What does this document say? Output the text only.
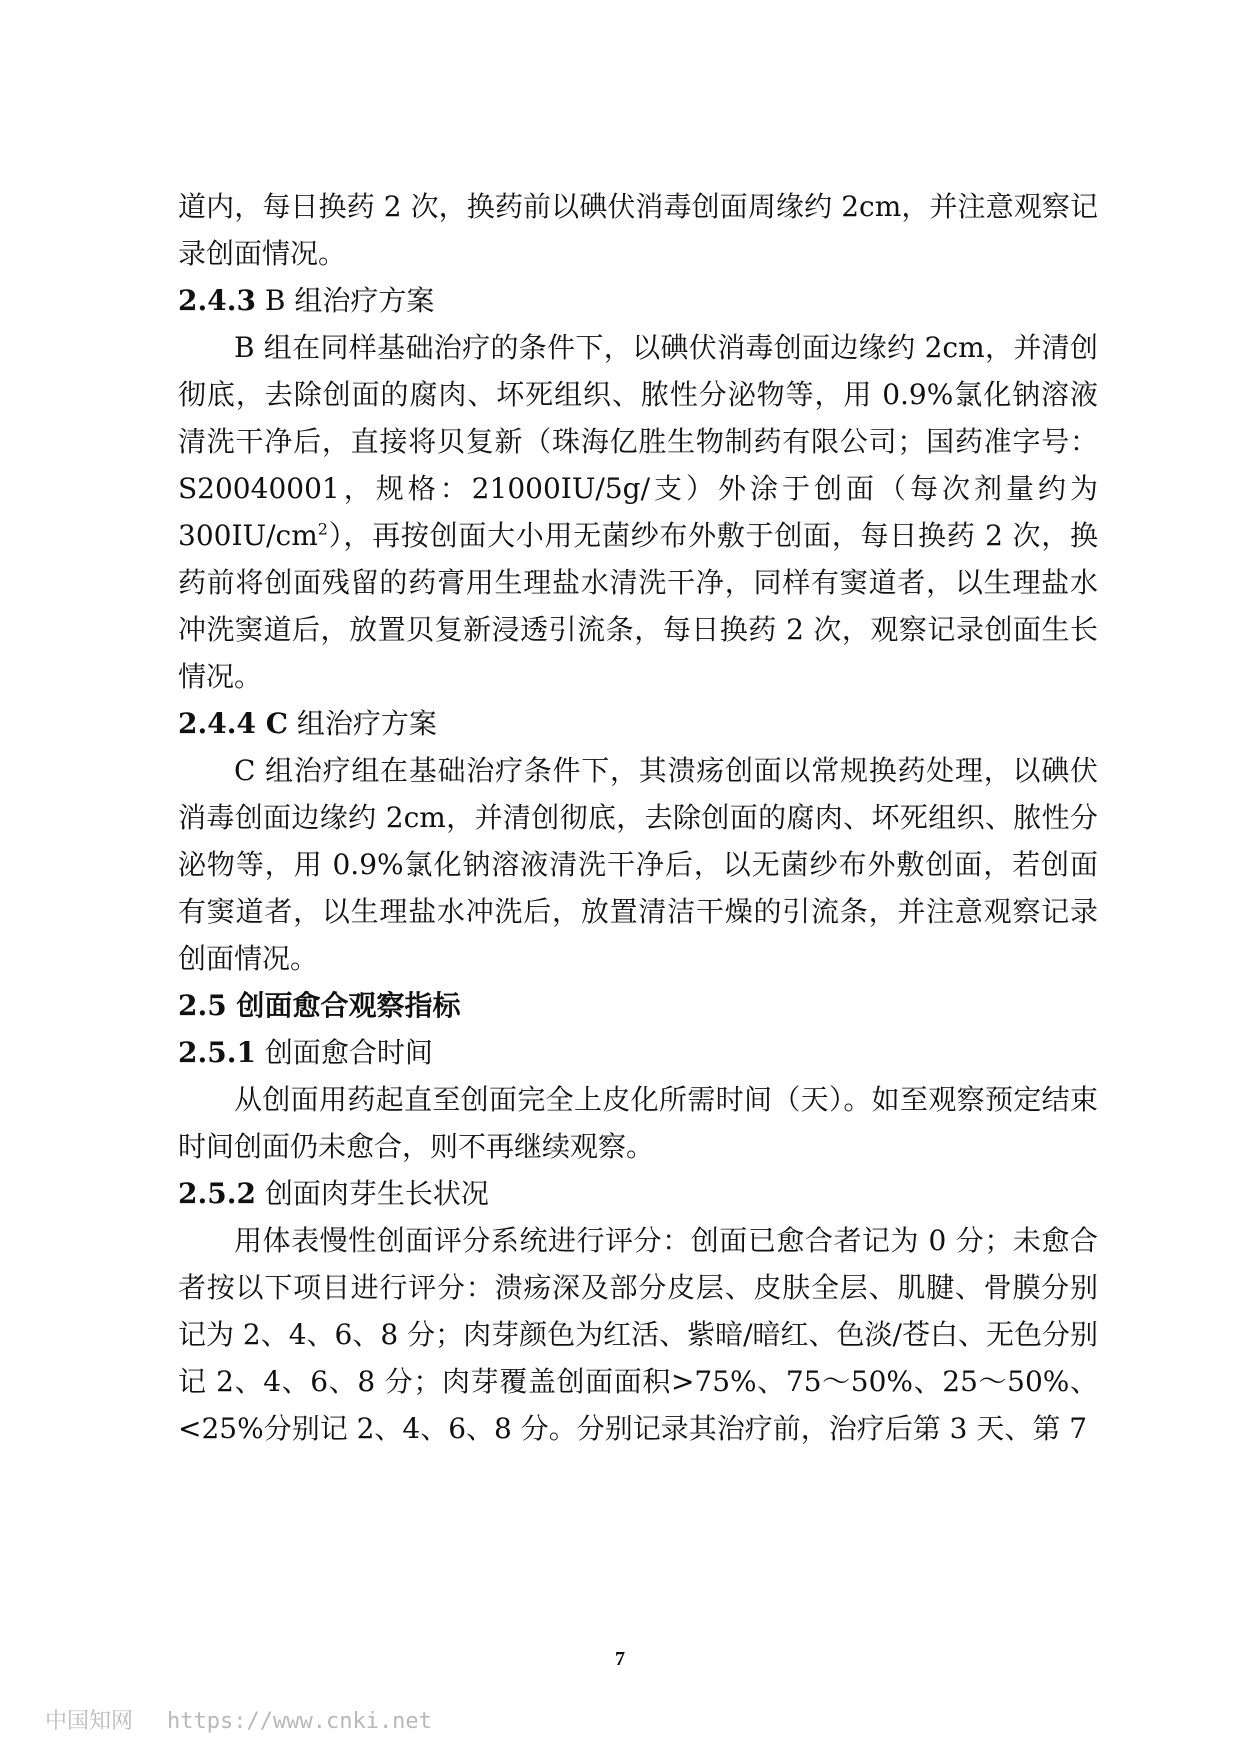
道内，每日换药 2 次，换药前以碘伏消毒创面周缘约 2cm，并注意观察记录创面情况。

2.4.3 B 组治疗方案

B 组在同样基础治疗的条件下，以碘伏消毒创面边缘约 2cm，并清创彻底，去除创面的腐肉、坏死组织、脓性分泌物等，用 0.9%氯化钠溶液清洗干净后，直接将贝复新（珠海亿胜生物制药有限公司；国药准字号：S20040001，规格：21000IU/5g/支）外涂于创面（每次剂量约为 $300IU/cm^2$），再按创面大小用无菌纱布外敷于创面，每日换药 2 次，换药前将创面残留的药膏用生理盐水清洗干净，同样有窦道者，以生理盐水冲洗窦道后，放置贝复新浸透引流条，每日换药 2 次，观察记录创面生长情况。

2.4.4 C 组治疗方案

C 组治疗组在基础治疗条件下，其溃疡创面以常规换药处理，以碘伏消毒创面边缘约 2cm，并清创彻底，去除创面的腐肉、坏死组织、脓性分泌物等，用 0.9%氯化钠溶液清洗干净后，以无菌纱布外敷创面，若创面有窦道者，以生理盐水冲洗后，放置清洁干燥的引流条，并注意观察记录创面情况。

2.5 创面愈合观察指标

2.5.1 创面愈合时间

从创面用药起直至创面完全上皮化所需时间（天）。如至观察预定结束时间创面仍未愈合，则不再继续观察。

2.5.2 创面肉芽生长状况

用体表慢性创面评分系统进行评分：创面已愈合者记为 0 分；未愈合者按以下项目进行评分：溃疡深及部分皮层、皮肤全层、肌腱、骨膜分别记为 2、4、6、8 分；肉芽颜色为红活、紫暗/暗红、色淡/苍白、无色分别记 2、4、6、8 分；肉芽覆盖创面面积>75%、75～50%、25～50%、<25%分别记 2、4、6、8 分。分别记录其治疗前，治疗后第 3 天、第 7

7
中国知网 https://www.cnki.net
